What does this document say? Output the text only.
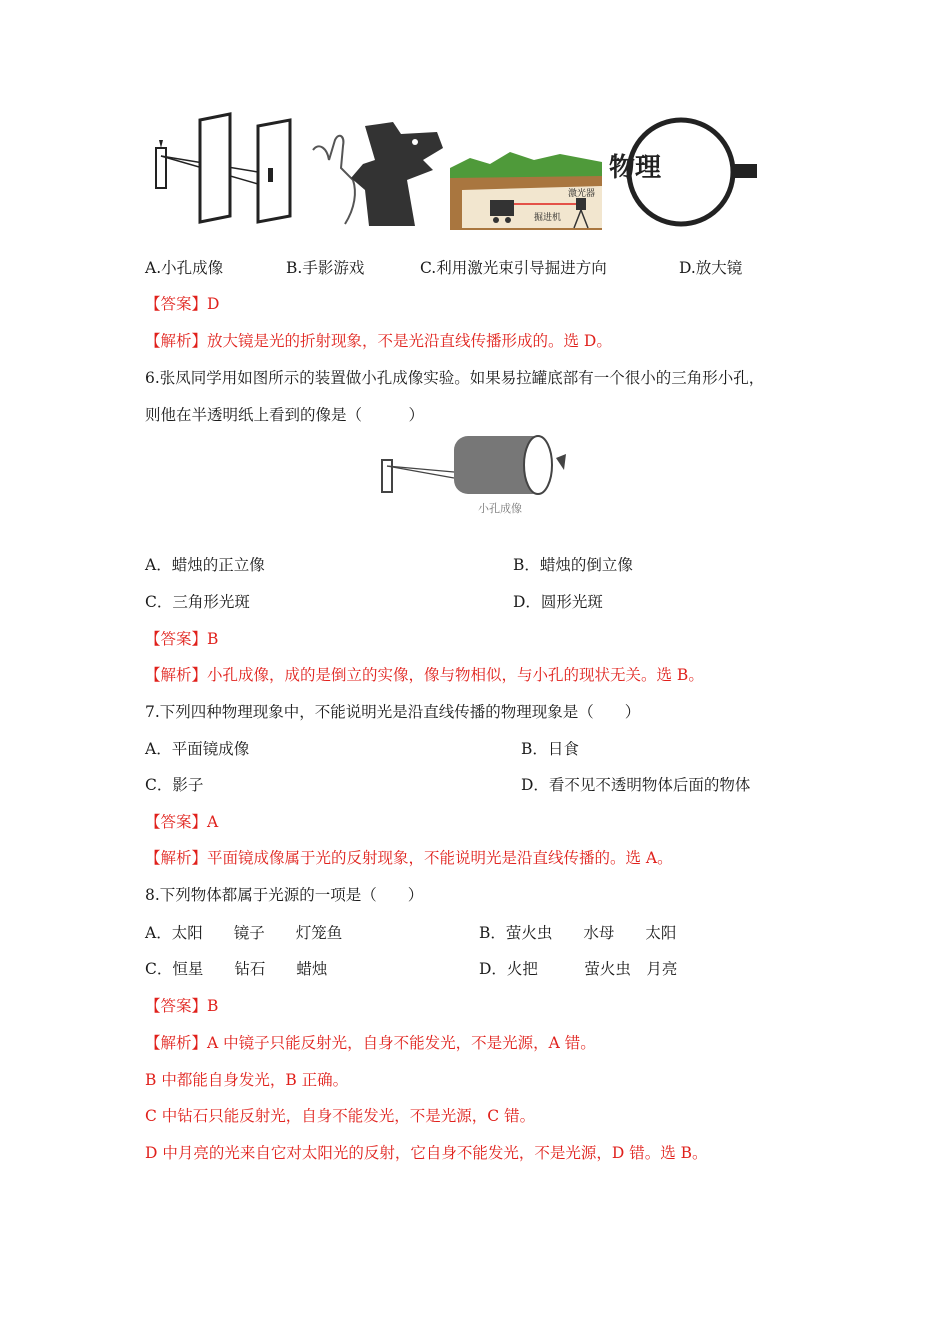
激光器
掘进机
物理
A.小孔成像	B.手影游戏	C.利用激光束引导掘进方向	D.放大镜
【答案】D
【解析】放大镜是光的折射现象，不是光沿直线传播形成的。选 D。
6.张凤同学用如图所示的装置做小孔成像实验。如果易拉罐底部有一个很小的三角形小孔，
则他在半透明纸上看到的像是（　　　）
小孔成像
A．蜡烛的正立像	B．蜡烛的倒立像
C．三角形光斑	D．圆形光斑
【答案】B
【解析】小孔成像，成的是倒立的实像，像与物相似，与小孔的现状无关。选 B。
7.下列四种物理现象中，不能说明光是沿直线传播的物理现象是（　　）
A．平面镜成像	B．日食
C．影子	D．看不见不透明物体后面的物体
【答案】A
【解析】平面镜成像属于光的反射现象，不能说明光是沿直线传播的。选 A。
8.下列物体都属于光源的一项是（　　）
A．太阳　　镜子　　灯笼鱼	B．萤火虫　　水母　　太阳
C．恒星　　钻石　　蜡烛	D．火把　　　萤火虫　月亮
【答案】B
【解析】A 中镜子只能反射光，自身不能发光，不是光源，A 错。
B 中都能自身发光，B 正确。
C 中钻石只能反射光，自身不能发光，不是光源，C 错。
D 中月亮的光来自它对太阳光的反射，它自身不能发光，不是光源，D 错。选 B。
